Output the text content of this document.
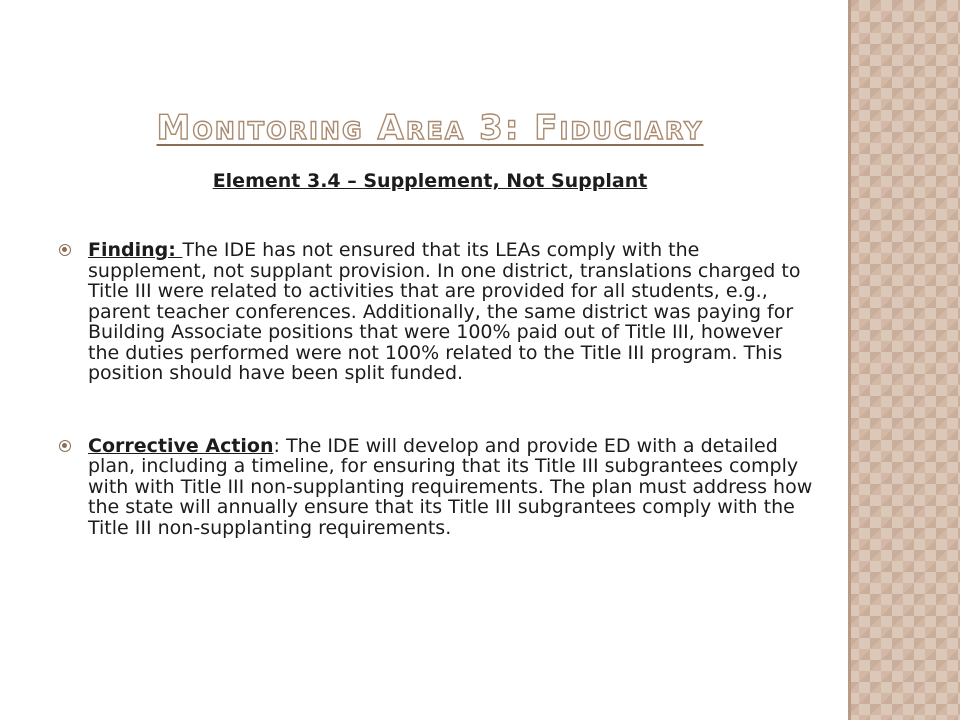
Monitoring Area 3: Fiduciary

Element 3.4 – Supplement, Not Supplant

Finding: The IDE has not ensured that its LEAs comply with the supplement, not supplant provision. In one district, translations charged to Title III were related to activities that are provided for all students, e.g., parent teacher conferences. Additionally, the same district was paying for Building Associate positions that were 100% paid out of Title III, however the duties performed were not 100% related to the Title III program. This position should have been split funded.
Corrective Action: The IDE will develop and provide ED with a detailed plan, including a timeline, for ensuring that its Title III subgrantees comply with with Title III non-supplanting requirements. The plan must address how the state will annually ensure that its Title III subgrantees comply with the Title III non-supplanting requirements.
